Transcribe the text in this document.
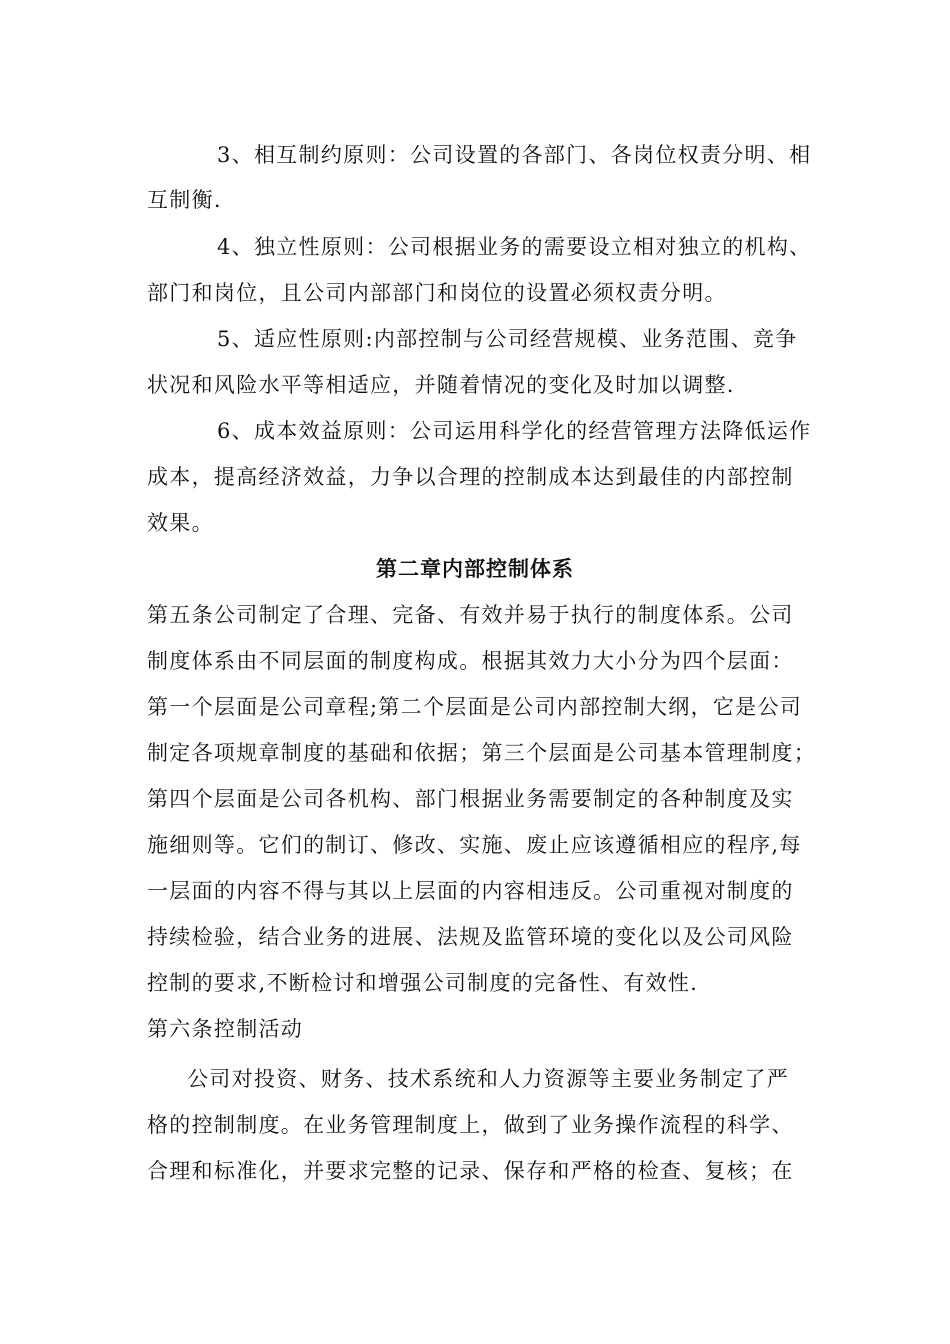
3、相互制约原则：公司设置的各部门、各岗位权责分明、相
互制衡.
4、独立性原则：公司根据业务的需要设立相对独立的机构、
部门和岗位，且公司内部部门和岗位的设置必须权责分明。
5、适应性原则:内部控制与公司经营规模、业务范围、竞争
状况和风险水平等相适应，并随着情况的变化及时加以调整.
6、成本效益原则：公司运用科学化的经营管理方法降低运作
成本，提高经济效益，力争以合理的控制成本达到最佳的内部控制
效果。
第二章内部控制体系
第五条公司制定了合理、完备、有效并易于执行的制度体系。公司
制度体系由不同层面的制度构成。根据其效力大小分为四个层面：
第一个层面是公司章程;第二个层面是公司内部控制大纲，它是公司
制定各项规章制度的基础和依据；第三个层面是公司基本管理制度；
第四个层面是公司各机构、部门根据业务需要制定的各种制度及实
施细则等。它们的制订、修改、实施、废止应该遵循相应的程序,每
一层面的内容不得与其以上层面的内容相违反。公司重视对制度的
持续检验，结合业务的进展、法规及监管环境的变化以及公司风险
控制的要求,不断检讨和增强公司制度的完备性、有效性.
第六条控制活动
公司对投资、财务、技术系统和人力资源等主要业务制定了严
格的控制制度。在业务管理制度上，做到了业务操作流程的科学、
合理和标准化，并要求完整的记录、保存和严格的检查、复核；在
